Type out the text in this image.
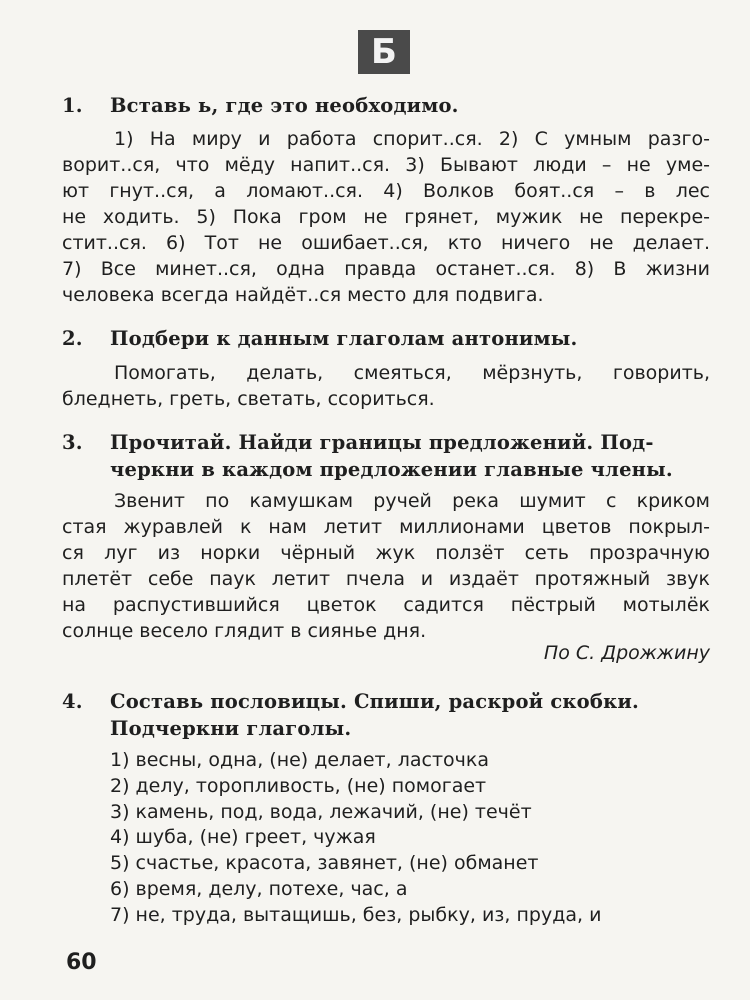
Б
1. Вставь ь, где это необходимо.
1) На миру и работа спорит..ся. 2) С умным разго-
ворит..ся, что мёду напит..ся. 3) Бывают люди – не уме-
ют гнут..ся, а ломают..ся. 4) Волков боят..ся – в лес
не ходить. 5) Пока гром не грянет, мужик не перекре-
стит..ся. 6) Тот не ошибает..ся, кто ничего не делает.
7) Все минет..ся, одна правда останет..ся. 8) В жизни
человека всегда найдёт..ся место для подвига.
2. Подбери к данным глаголам антонимы.
Помогать, делать, смеяться, мёрзнуть, говорить,
бледнеть, греть, светать, ссориться.
3. Прочитай. Найди границы предложений. Под-
черкни в каждом предложении главные члены.
Звенит по камушкам ручей река шумит с криком
стая журавлей к нам летит миллионами цветов покрыл-
ся луг из норки чёрный жук ползёт сеть прозрачную
плетёт себе паук летит пчела и издаёт протяжный звук
на распустившийся цветок садится пёстрый мотылёк
солнце весело глядит в сиянье дня.
По С. Дрожжину
4. Составь пословицы. Спиши, раскрой скобки.
Подчеркни глаголы.
1) весны, одна, (не) делает, ласточка
2) делу, торопливость, (не) помогает
3) камень, под, вода, лежачий, (не) течёт
4) шуба, (не) греет, чужая
5) счастье, красота, завянет, (не) обманет
6) время, делу, потехе, час, а
7) не, труда, вытащишь, без, рыбку, из, пруда, и
60
